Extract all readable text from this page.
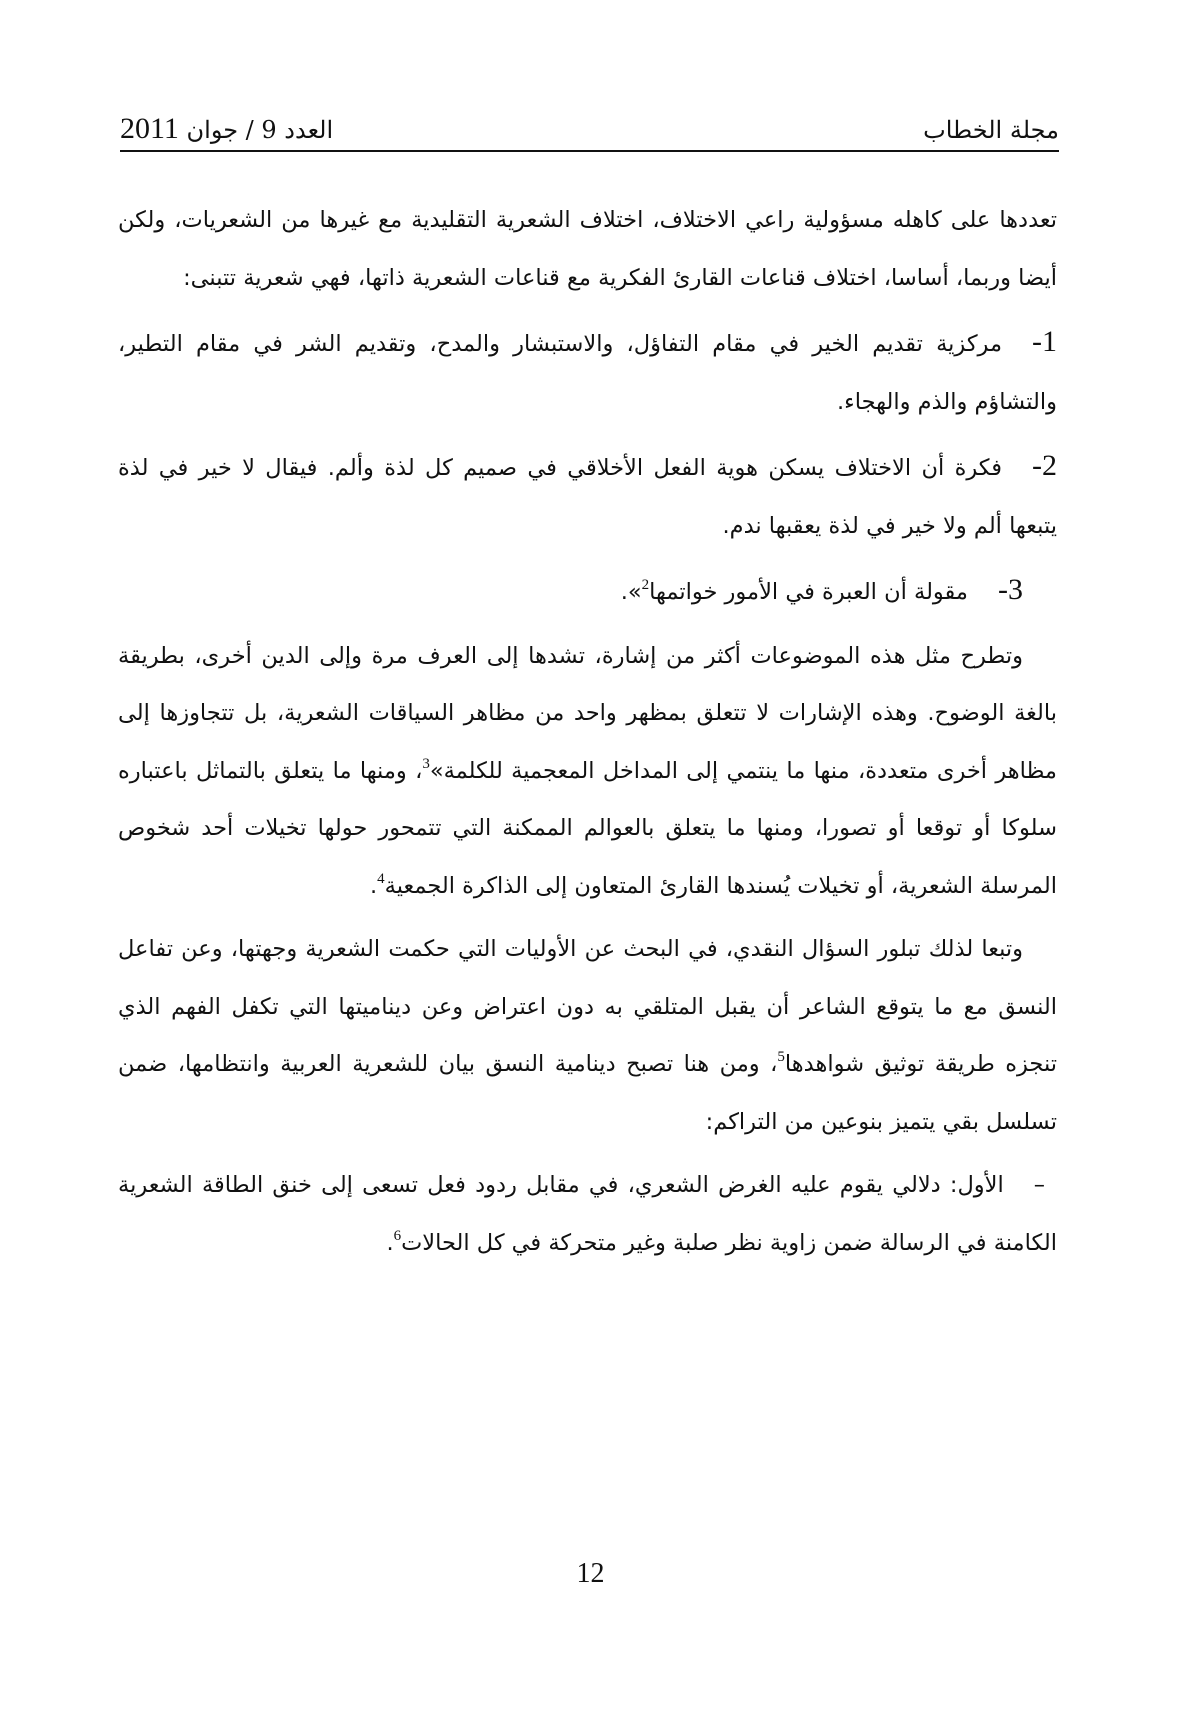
مجلة الخطاب
العدد 9 / جوان 2011

تعددها على كاهله مسؤولية راعي الاختلاف، اختلاف الشعرية التقليدية مع غيرها من الشعريات، ولكن أيضا وربما، أساسا، اختلاف قناعات القارئ الفكرية مع قناعات الشعرية ذاتها، فهي شعرية تتبنى:

-1مركزية تقديم الخير في مقام التفاؤل، والاستبشار والمدح، وتقديم الشر في مقام التطير، والتشاؤم والذم والهجاء.

-2فكرة أن الاختلاف يسكن هوية الفعل الأخلاقي في صميم كل لذة وألم. فيقال لا خير في لذة يتبعها ألم ولا خير في لذة يعقبها ندم.

-3مقولة أن العبرة في الأمور خواتمها$^2$».

وتطرح مثل هذه الموضوعات أكثر من إشارة، تشدها إلى العرف مرة وإلى الدين أخرى، بطريقة بالغة الوضوح. وهذه الإشارات لا تتعلق بمظهر واحد من مظاهر السياقات الشعرية، بل تتجاوزها إلى مظاهر أخرى متعددة، منها ما ينتمي إلى المداخل المعجمية للكلمة»$^3$، ومنها ما يتعلق بالتماثل باعتباره سلوكا أو توقعا أو تصورا، ومنها ما يتعلق بالعوالم الممكنة التي تتمحور حولها تخيلات أحد شخوص المرسلة الشعرية، أو تخيلات يُسندها القارئ المتعاون إلى الذاكرة الجمعية$^4$.

وتبعا لذلك تبلور السؤال النقدي، في البحث عن الأوليات التي حكمت الشعرية وجهتها، وعن تفاعل النسق مع ما يتوقع الشاعر أن يقبل المتلقي به دون اعتراض وعن ديناميتها التي تكفل الفهم الذي تنجزه طريقة توثيق شواهدها$^5$، ومن هنا تصبح دينامية النسق بيان للشعرية العربية وانتظامها، ضمن تسلسل بقي يتميز بنوعين من التراكم:

–الأول: دلالي يقوم عليه الغرض الشعري، في مقابل ردود فعل تسعى إلى خنق الطاقة الشعرية الكامنة في الرسالة ضمن زاوية نظر صلبة وغير متحركة في كل الحالات$^6$.

12
